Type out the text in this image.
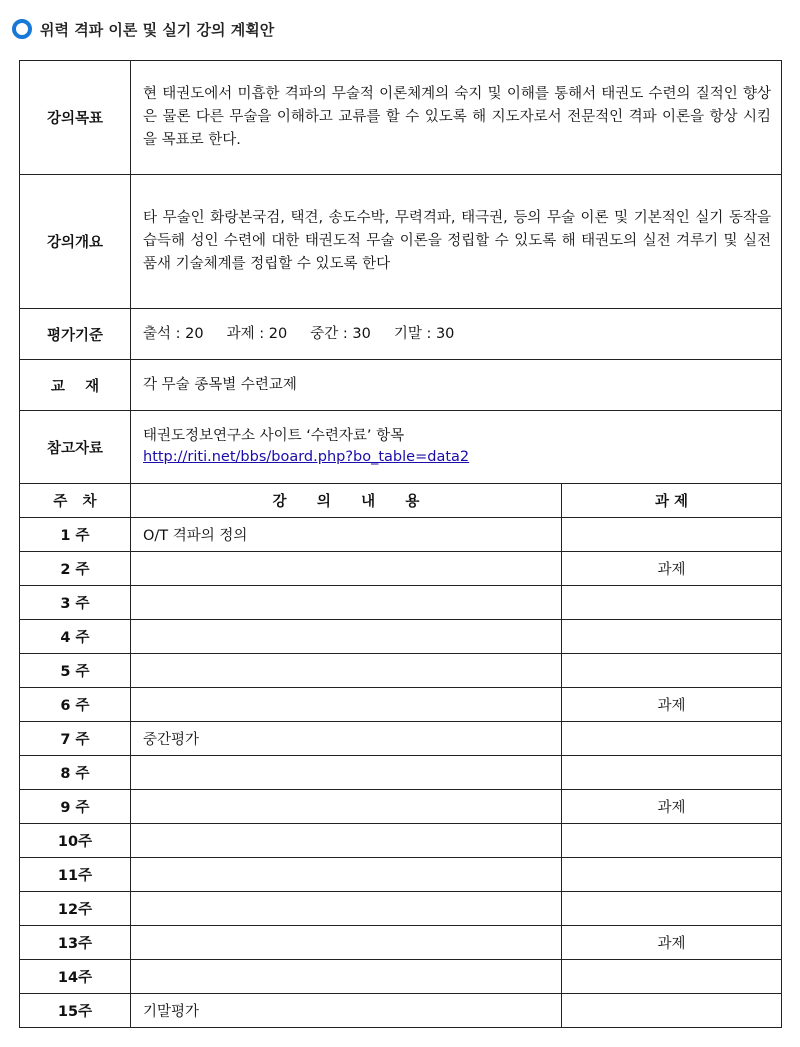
위력 격파 이론 및 실기 강의 계획안
강의목표	현 태권도에서 미흡한 격파의 무술적 이론체계의 숙지 및 이해를 통해서 태권도 수련의 질적인 향상은 물론 다른 무술을 이해하고 교류를 할 수 있도록 해 지도자로서 전문적인 격파 이론을 항상 시킴을 목표로 한다.	
강의개요	타 무술인 화랑본국검, 택견, 송도수박, 무력격파, 태극권, 등의 무술 이론 및 기본적인 실기 동작을 습득해 성인 수련에 대한 태권도적 무술 이론을 정립할 수 있도록 해 태권도의 실전 겨루기 및 실전 품새 기술체계를 정립할 수 있도록 한다	
평가기준	출석 : 20     과제 : 20     중간 : 30     기말 : 30	
교    재	각 무술 종목별 수련교제	
참고자료	태권도정보연구소 사이트 ‘수련자료’ 항목
http://riti.net/bbs/board.php?bo_table=data2	
주   차	강      의      내      용	과 제
1 주	O/T 격파의 정의	
2 주		과제
3 주		
4 주		
5 주		
6 주		과제
7 주	중간평가	
8 주		
9 주		과제
10주		
11주		
12주		
13주		과제
14주		
15주	기말평가	
